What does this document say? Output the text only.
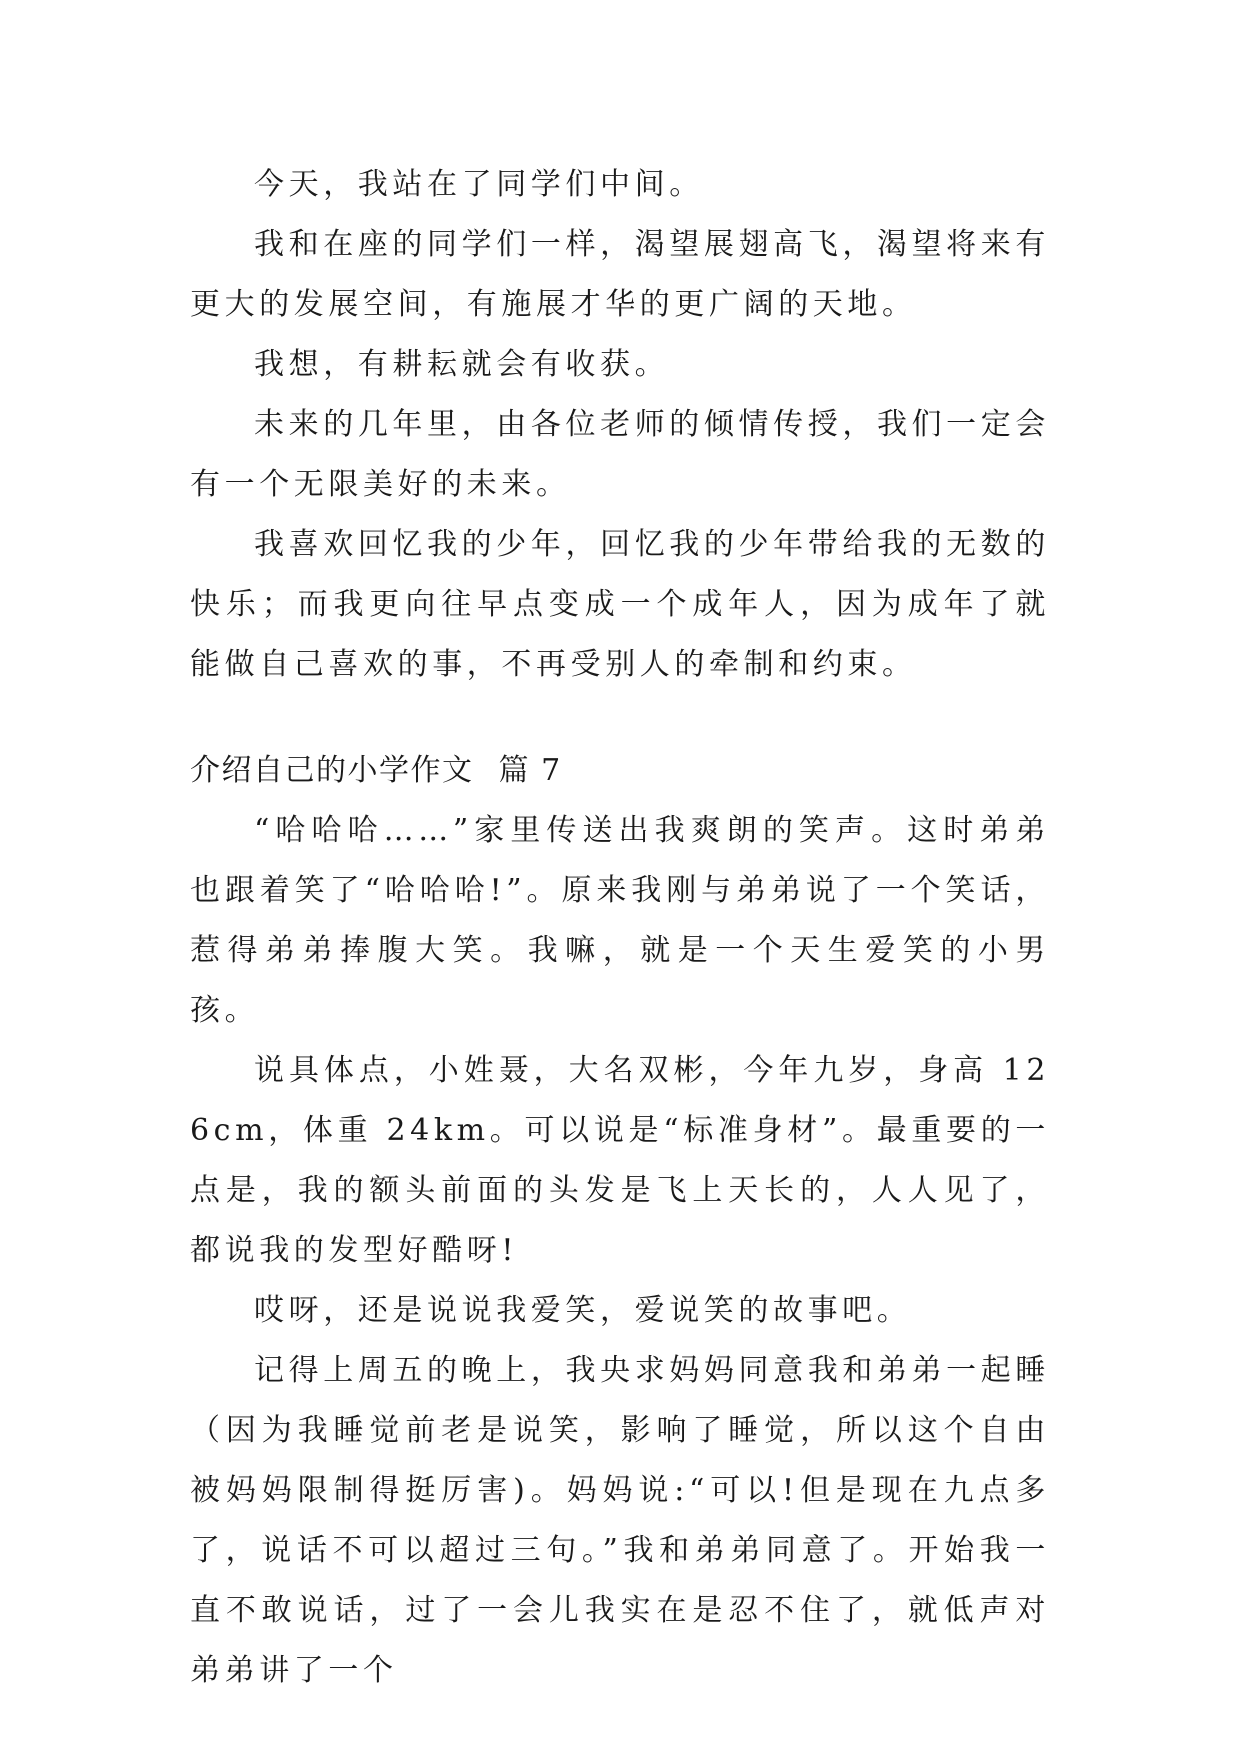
今天，我站在了同学们中间。

我和在座的同学们一样，渴望展翅高飞，渴望将来有更大的发展空间，有施展才华的更广阔的天地。

我想，有耕耘就会有收获。

未来的几年里，由各位老师的倾情传授，我们一定会有一个无限美好的未来。

我喜欢回忆我的少年，回忆我的少年带给我的无数的快乐；而我更向往早点变成一个成年人，因为成年了就能做自己喜欢的事，不再受别人的牵制和约束。

介绍自己的小学作文 篇 7

“哈哈哈……”家里传送出我爽朗的笑声。这时弟弟也跟着笑了“哈哈哈!”。原来我刚与弟弟说了一个笑话，惹得弟弟捧腹大笑。我嘛，就是一个天生爱笑的小男孩。

说具体点，小姓聂，大名双彬，今年九岁，身高 126cm，体重 24km。可以说是“标准身材”。最重要的一点是，我的额头前面的头发是飞上天长的，人人见了，都说我的发型好酷呀!

哎呀，还是说说我爱笑，爱说笑的故事吧。

记得上周五的晚上，我央求妈妈同意我和弟弟一起睡（因为我睡觉前老是说笑，影响了睡觉，所以这个自由被妈妈限制得挺厉害)。妈妈说:“可以!但是现在九点多了，说话不可以超过三句。”我和弟弟同意了。开始我一直不敢说话，过了一会儿我实在是忍不住了，就低声对弟弟讲了一个
